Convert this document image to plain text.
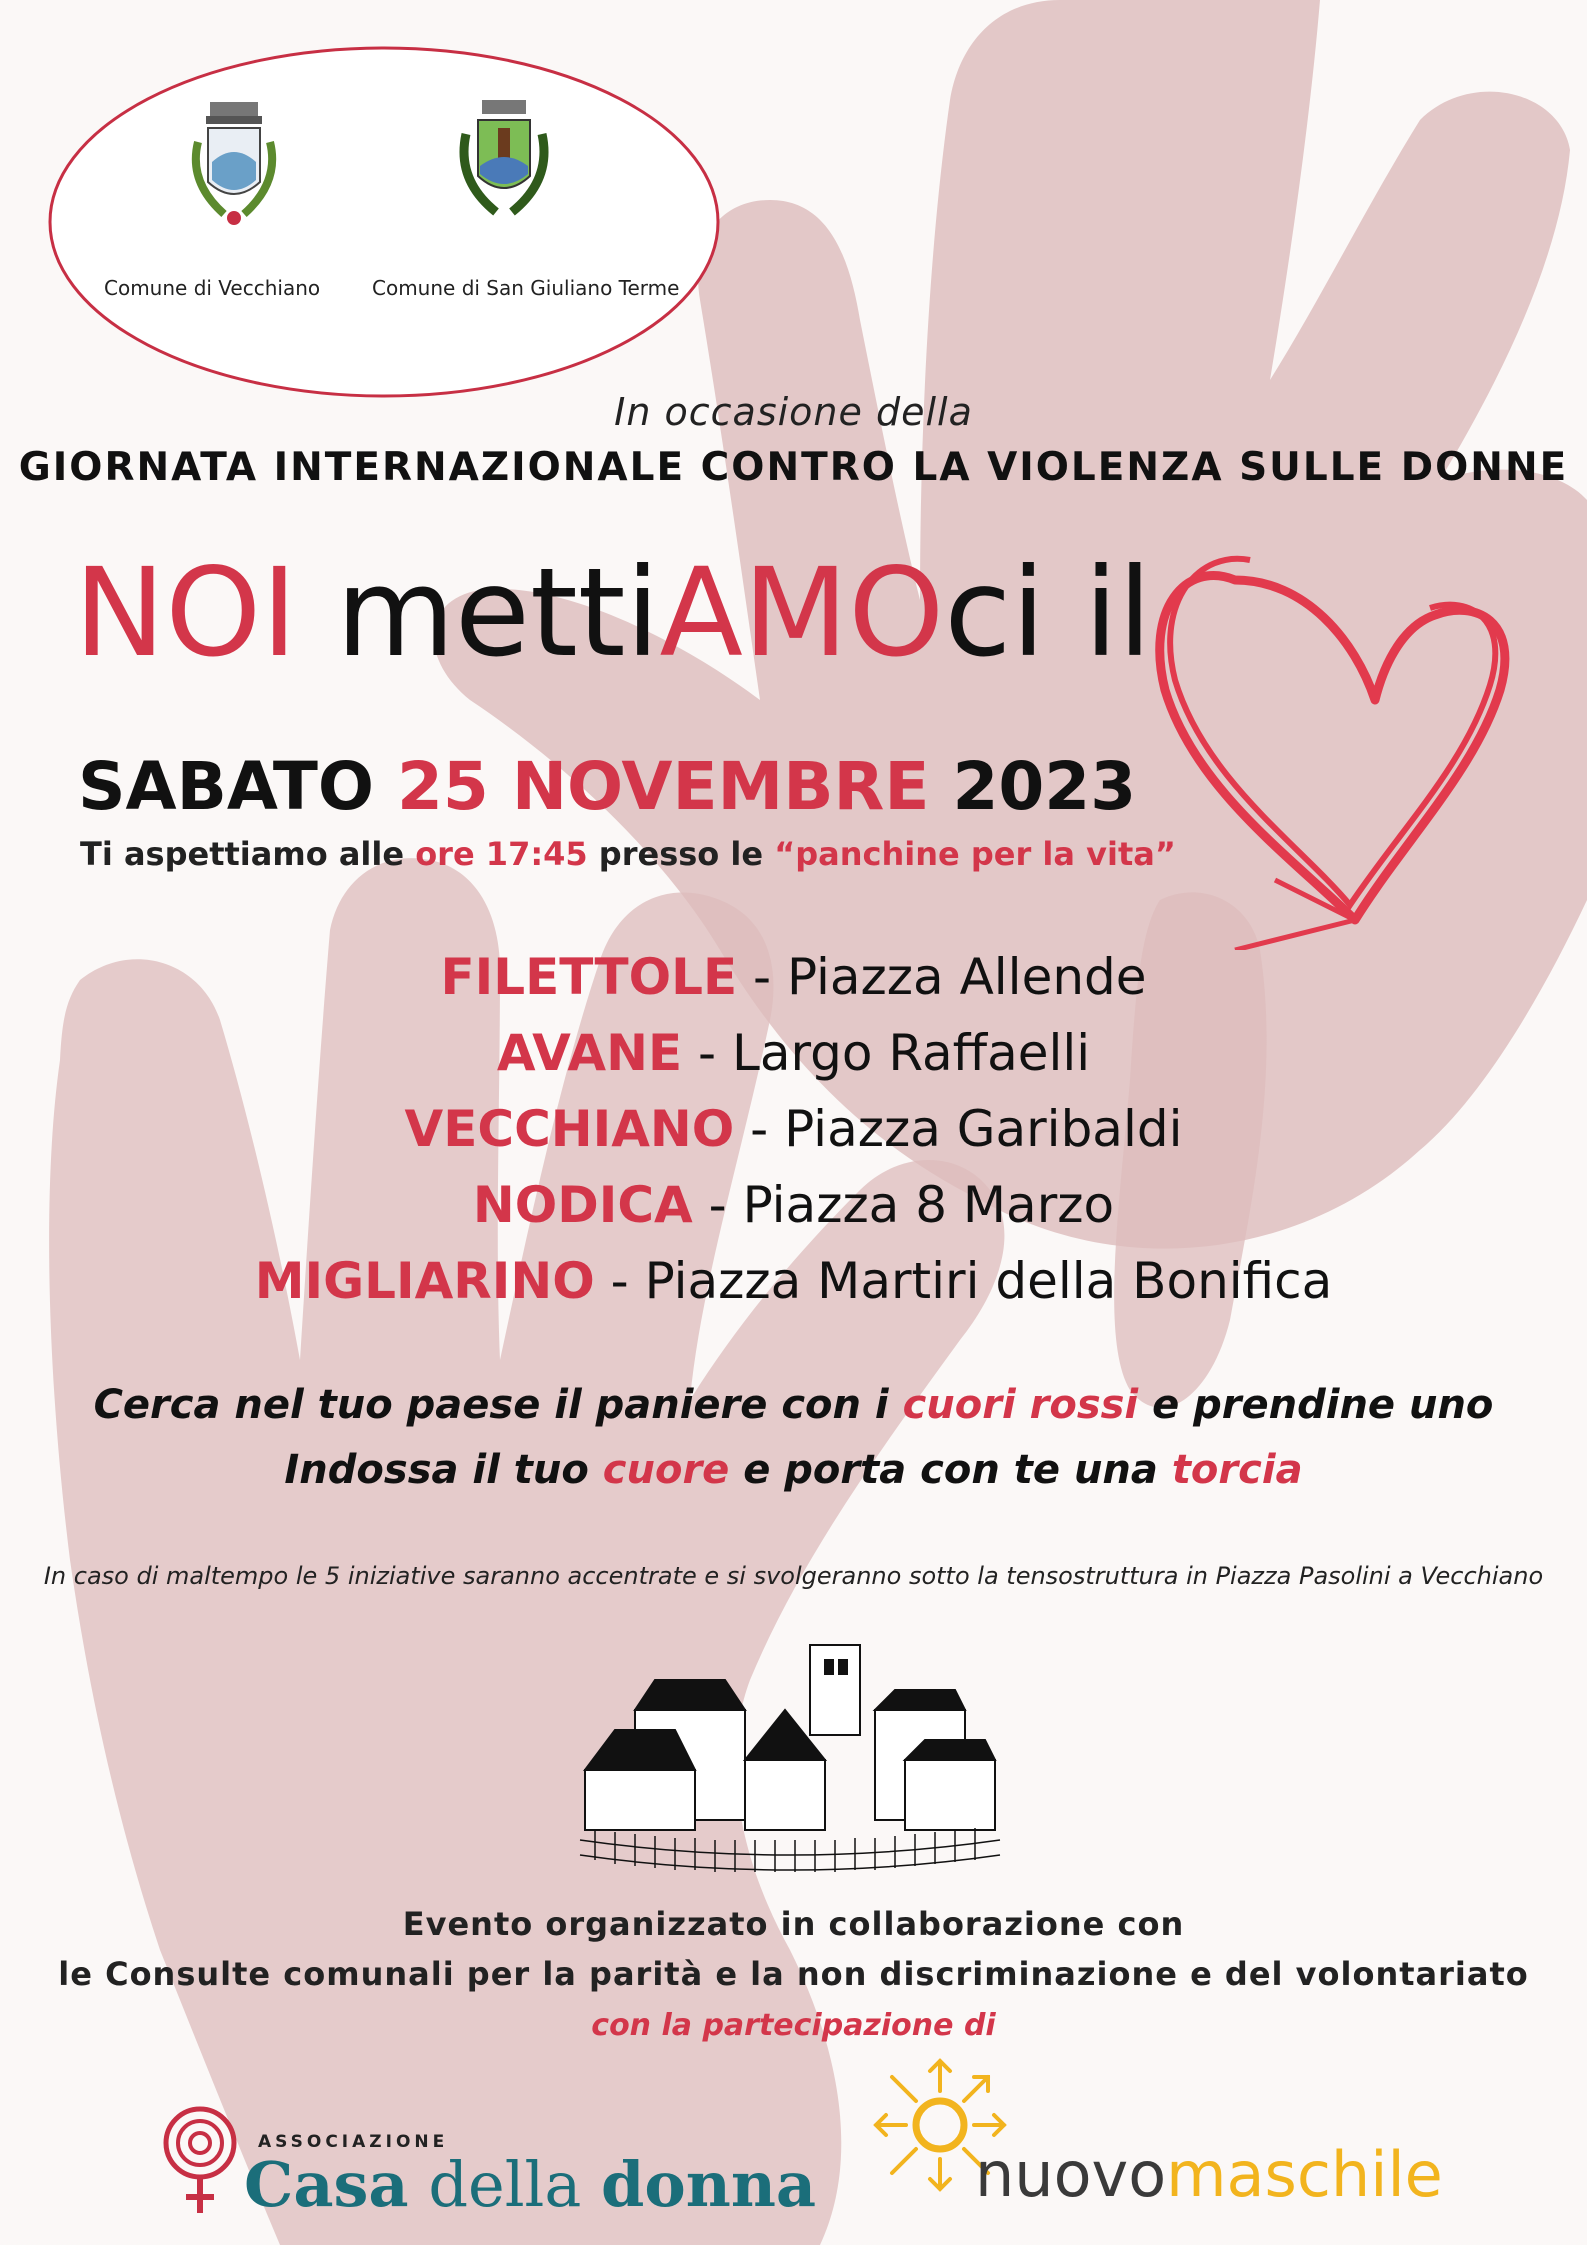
Comune di Vecchiano	Comune di San Giuliano Terme
In occasione della
GIORNATA INTERNAZIONALE CONTRO LA VIOLENZA SULLE DONNE
NOI mettiAMOci il
SABATO 25 NOVEMBRE 2023
Ti aspettiamo alle ore 17:45 presso le “panchine per la vita”
FILETTOLE - Piazza Allende
AVANE - Largo Raffaelli
VECCHIANO - Piazza Garibaldi
NODICA - Piazza 8 Marzo
MIGLIARINO - Piazza Martiri della Bonifica
Cerca nel tuo paese il paniere con i cuori rossi e prendine uno
Indossa il tuo cuore e porta con te una torcia
In caso di maltempo le 5 iniziative saranno accentrate e si svolgeranno sotto la tensostruttura in Piazza Pasolini a Vecchiano
Evento organizzato in collaborazione con
le Consulte comunali per la parità e la non discriminazione e del volontariato
con la partecipazione di
ASSOCIAZIONE
Casa della donna	nuovomaschile
